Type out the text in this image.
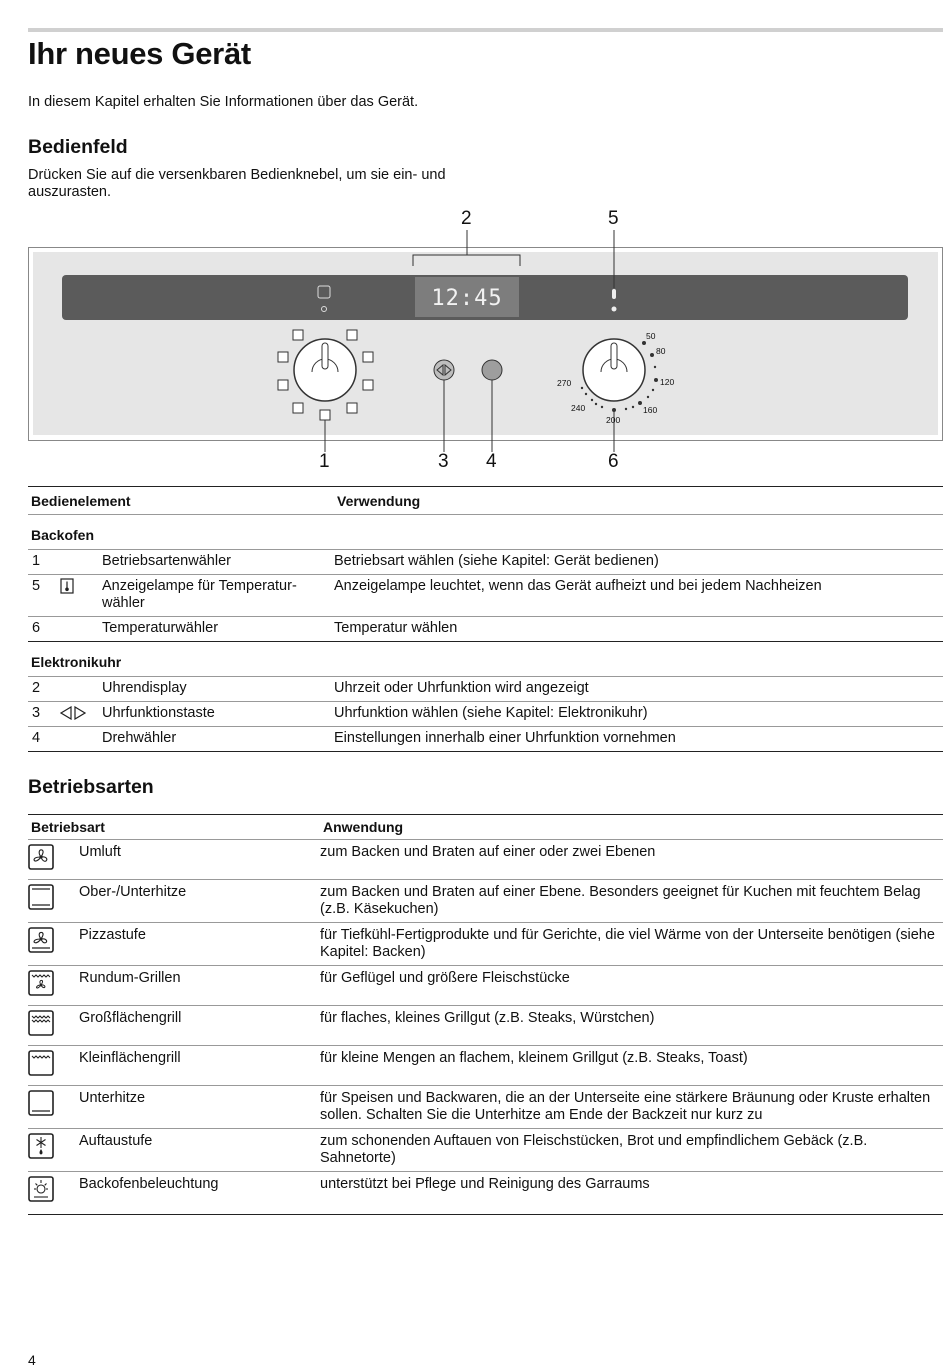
Ihr neues Gerät

In diesem Kapitel erhalten Sie Informationen über das Gerät.

Bedienfeld

Drücken Sie auf die versenkbaren Bedienknebel, um sie ein- und auszurasten.

12:45
2	5
1	3 4	6
50
80
120
160
200
240
270
Bedienelement			Verwendung
Backofen			
1		Betriebsartenwähler	Betriebsart wählen (siehe Kapitel: Gerät bedienen)
5		Anzeigelampe für Temperatur-wähler	Anzeigelampe leuchtet, wenn das Gerät aufheizt und bei jedem Nachheizen
6		Temperaturwähler	Temperatur wählen
Elektronikuhr			
2		Uhrendisplay	Uhrzeit oder Uhrfunktion wird angezeigt
3		Uhrfunktionstaste	Uhrfunktion wählen (siehe Kapitel: Elektronikuhr)
4		Drehwähler	Einstellungen innerhalb einer Uhrfunktion vornehmen
Betriebsarten
Betriebsart		Anwendung
	Umluft	zum Backen und Braten auf einer oder zwei Ebenen
	Ober-/Unterhitze	zum Backen und Braten auf einer Ebene. Besonders geeignet für Kuchen mit feuchtem Belag (z.B. Käsekuchen)
	Pizzastufe	für Tiefkühl-Fertigprodukte und für Gerichte, die viel Wärme von der Unterseite benötigen (siehe Kapitel: Backen)
	Rundum-Grillen	für Geflügel und größere Fleischstücke
	Großflächengrill	für flaches, kleines Grillgut (z.B. Steaks, Würstchen)
	Kleinflächengrill	für kleine Mengen an flachem, kleinem Grillgut (z.B. Steaks, Toast)
	Unterhitze	für Speisen und Backwaren, die an der Unterseite eine stärkere Bräunung oder Kruste erhalten sollen. Schalten Sie die Unterhitze am Ende der Backzeit nur kurz zu
	Auftaustufe	zum schonenden Auftauen von Fleischstücken, Brot und empfindlichem Gebäck (z.B. Sahnetorte)
	Backofenbeleuchtung	unterstützt bei Pflege und Reinigung des Garraums
4
